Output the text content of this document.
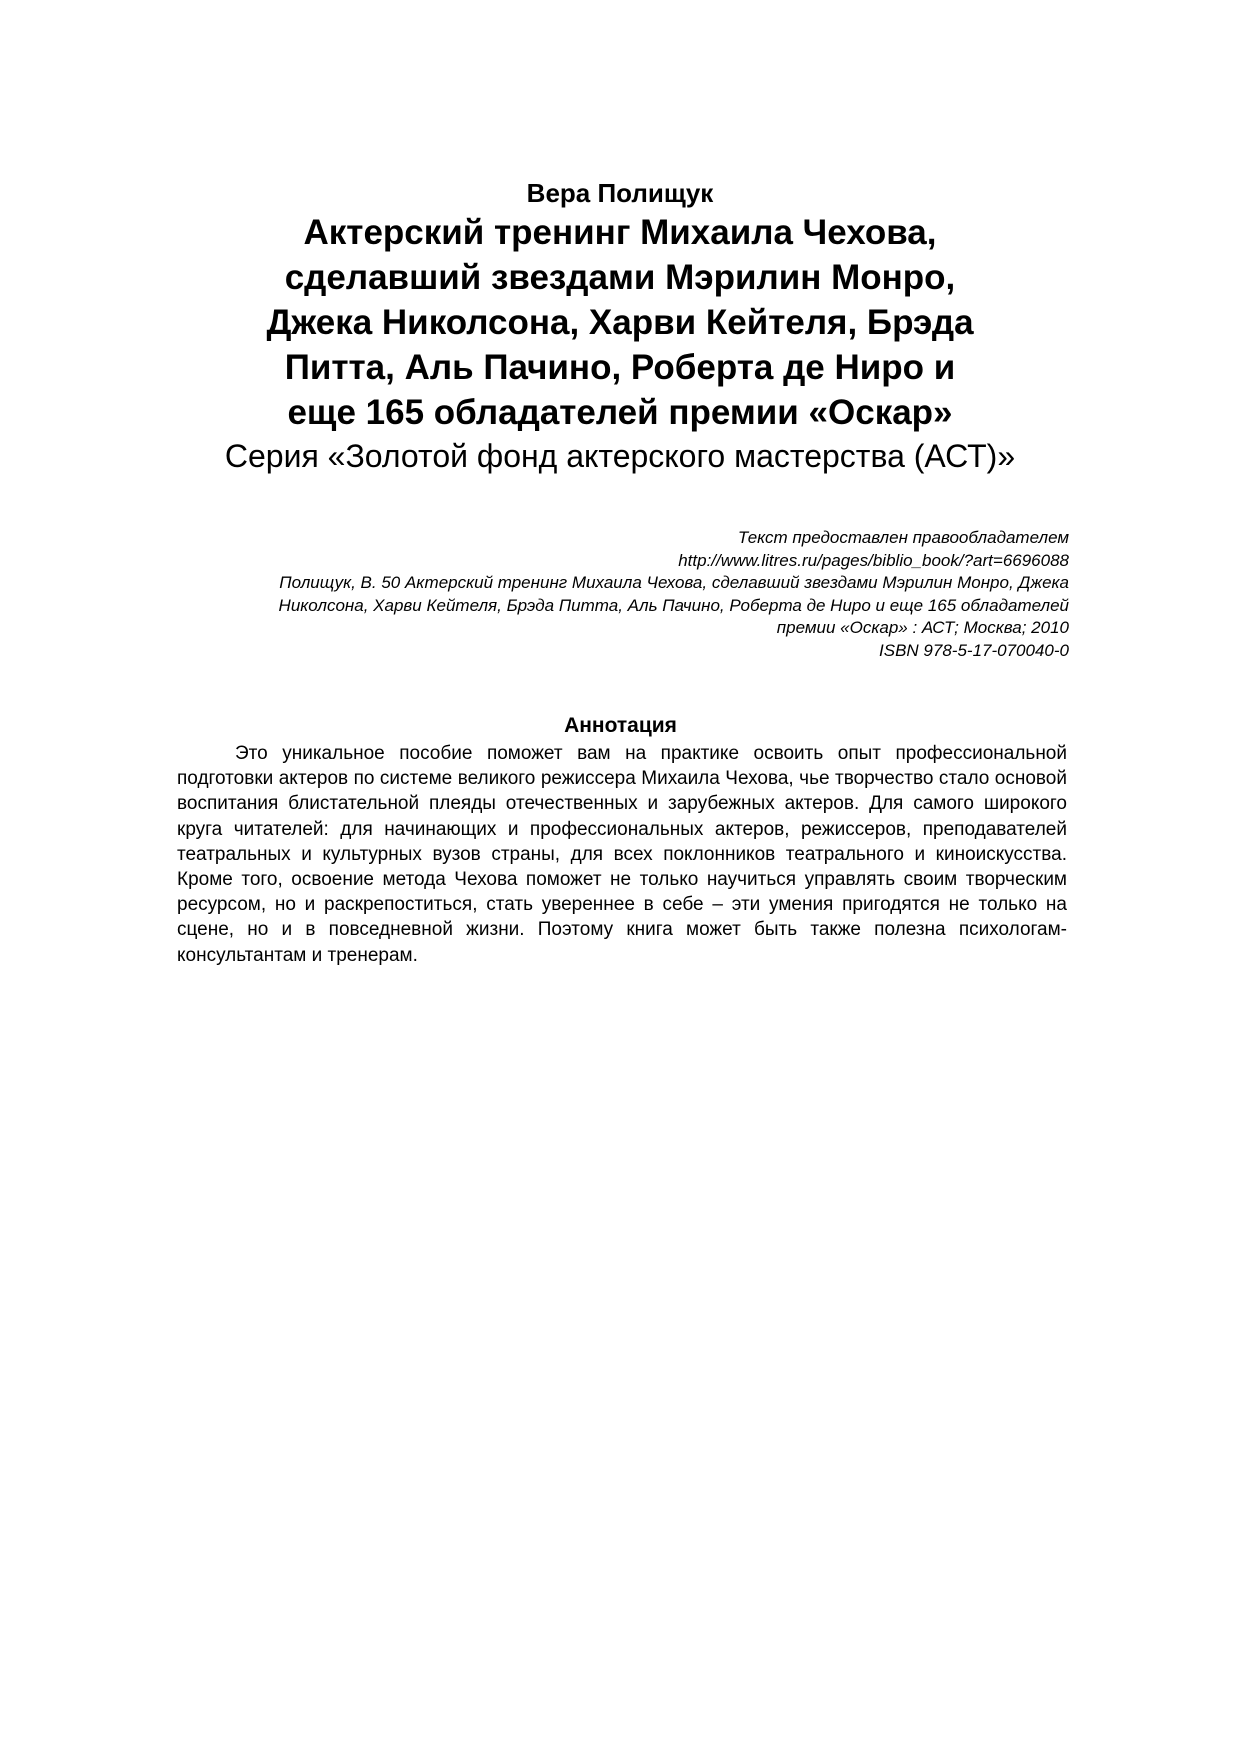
Вера Полищук

Актерский тренинг Михаила Чехова,
сделавший звездами Мэрилин Монро,
Джека Николсона, Харви Кейтеля, Брэда
Питта, Аль Пачино, Роберта де Ниро и
еще 165 обладателей премии «Оскар»

Серия «Золотой фонд актерского мастерства (АСТ)»

Текст предоставлен правообладателем
http://www.litres.ru/pages/biblio_book/?art=6696088
Полищук, В. 50 Актерский тренинг Михаила Чехова, сделавший звездами Мэрилин Монро, Джека
Николсона, Харви Кейтеля, Брэда Питта, Аль Пачино, Роберта де Ниро и еще 165 обладателей
премии «Оскар» : АСТ; Москва; 2010
ISBN 978-5-17-070040-0
Аннотация

Это уникальное пособие поможет вам на практике освоить опыт профессиональной подготовки актеров по системе великого режиссера Михаила Чехова, чье творчество стало основой воспитания блистательной плеяды отечественных и зарубежных актеров. Для самого широкого круга читателей: для начинающих и профессиональных актеров, режиссеров, преподавателей театральных и культурных вузов страны, для всех поклонников театрального и киноискусства. Кроме того, освоение метода Чехова поможет не только научиться управлять своим творческим ресурсом, но и раскрепоститься, стать увереннее в себе – эти умения пригодятся не только на сцене, но и в повседневной жизни. Поэтому книга может быть также полезна психологам-консультантам и тренерам.
